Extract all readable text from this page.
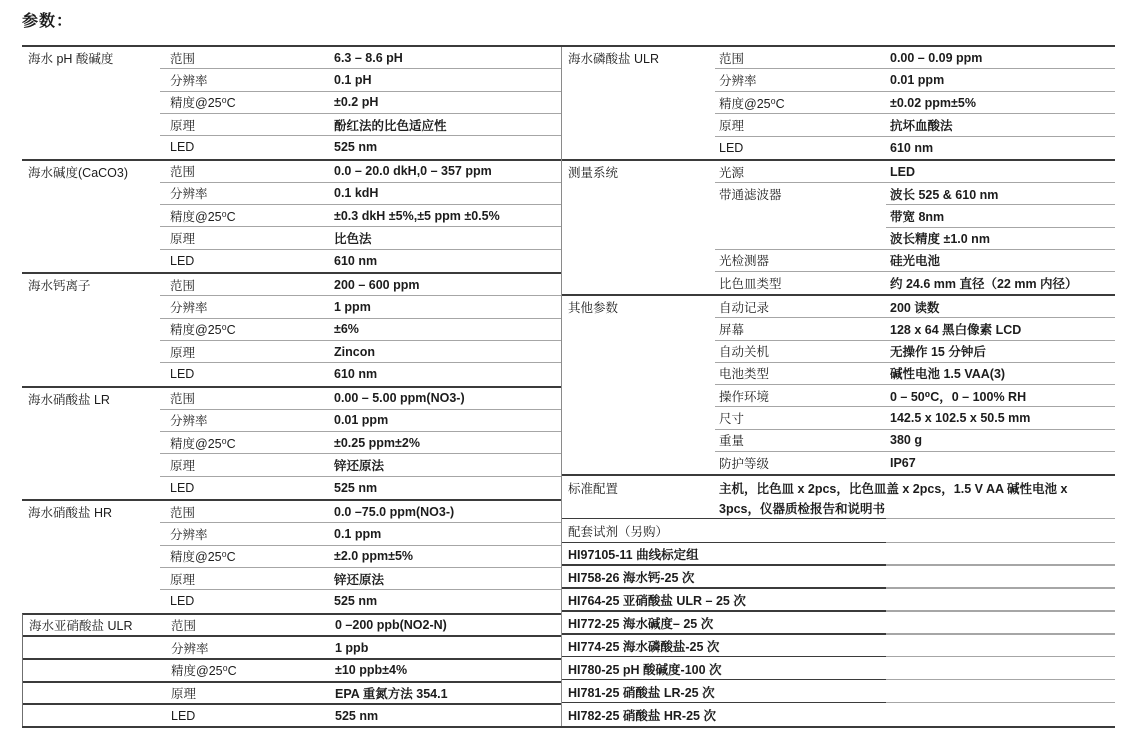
参数：
海水 pH 酸碱度	范围	6.3 – 8.6 pH
分辨率	0.1 pH
精度@25⁰C	±0.2 pH
原理	酚红法的比色适应性
LED	525 nm
海水碱度(CaCO3)	范围	0.0 – 20.0 dkH,0 – 357 ppm
分辨率	0.1 kdH
精度@25⁰C	±0.3 dkH ±5%,±5 ppm ±0.5%
原理	比色法
LED	610 nm
海水钙离子	范围	200 – 600 ppm
分辨率	1 ppm
精度@25⁰C	±6%
原理	Zincon
LED	610 nm
海水硝酸盐 LR	范围	0.00 – 5.00 ppm(NO3-)
分辨率	0.01 ppm
精度@25⁰C	±0.25 ppm±2%
原理	锌还原法
LED	525 nm
海水硝酸盐 HR	范围	0.0 –75.0 ppm(NO3-)
分辨率	0.1 ppm
精度@25⁰C	±2.0 ppm±5%
原理	锌还原法
LED	525 nm
海水亚硝酸盐 ULR	范围	0 –200 ppb(NO2-N)
分辨率	1 ppb
精度@25⁰C	±10 ppb±4%
原理	EPA 重氮方法 354.1
LED	525 nm
海水磷酸盐 ULR	范围	0.00 – 0.09 ppm
分辨率	0.01 ppm
精度@25⁰C	±0.02 ppm±5%
原理	抗坏血酸法
LED	610 nm
测量系统	光源	LED
带通滤波器	波长 525 & 610 nm
带宽 8nm
波长精度 ±1.0 nm
光检测器	硅光电池
比色皿类型	约 24.6 mm 直径（22 mm 内径）
其他参数	自动记录	200 读数
屏幕	128 x 64 黑白像素 LCD
自动关机	无操作 15 分钟后
电池类型	碱性电池 1.5 VAA(3)
操作环境	0 – 50⁰C，0 – 100% RH
尺寸	142.5 x 102.5 x 50.5 mm
重量	380 g
防护等级	IP67
标准配置	主机，比色皿 x 2pcs，比色皿盖 x 2pcs，1.5 V AA 碱性电池 x 3pcs，仪器质检报告和说明书
配套试剂（另购）
HI97105-11 曲线标定组
HI758-26 海水钙-25 次
HI764-25 亚硝酸盐 ULR – 25 次
HI772-25 海水碱度– 25 次
HI774-25 海水磷酸盐-25 次
HI780-25 pH 酸碱度-100 次
HI781-25 硝酸盐 LR-25 次
HI782-25 硝酸盐 HR-25 次
